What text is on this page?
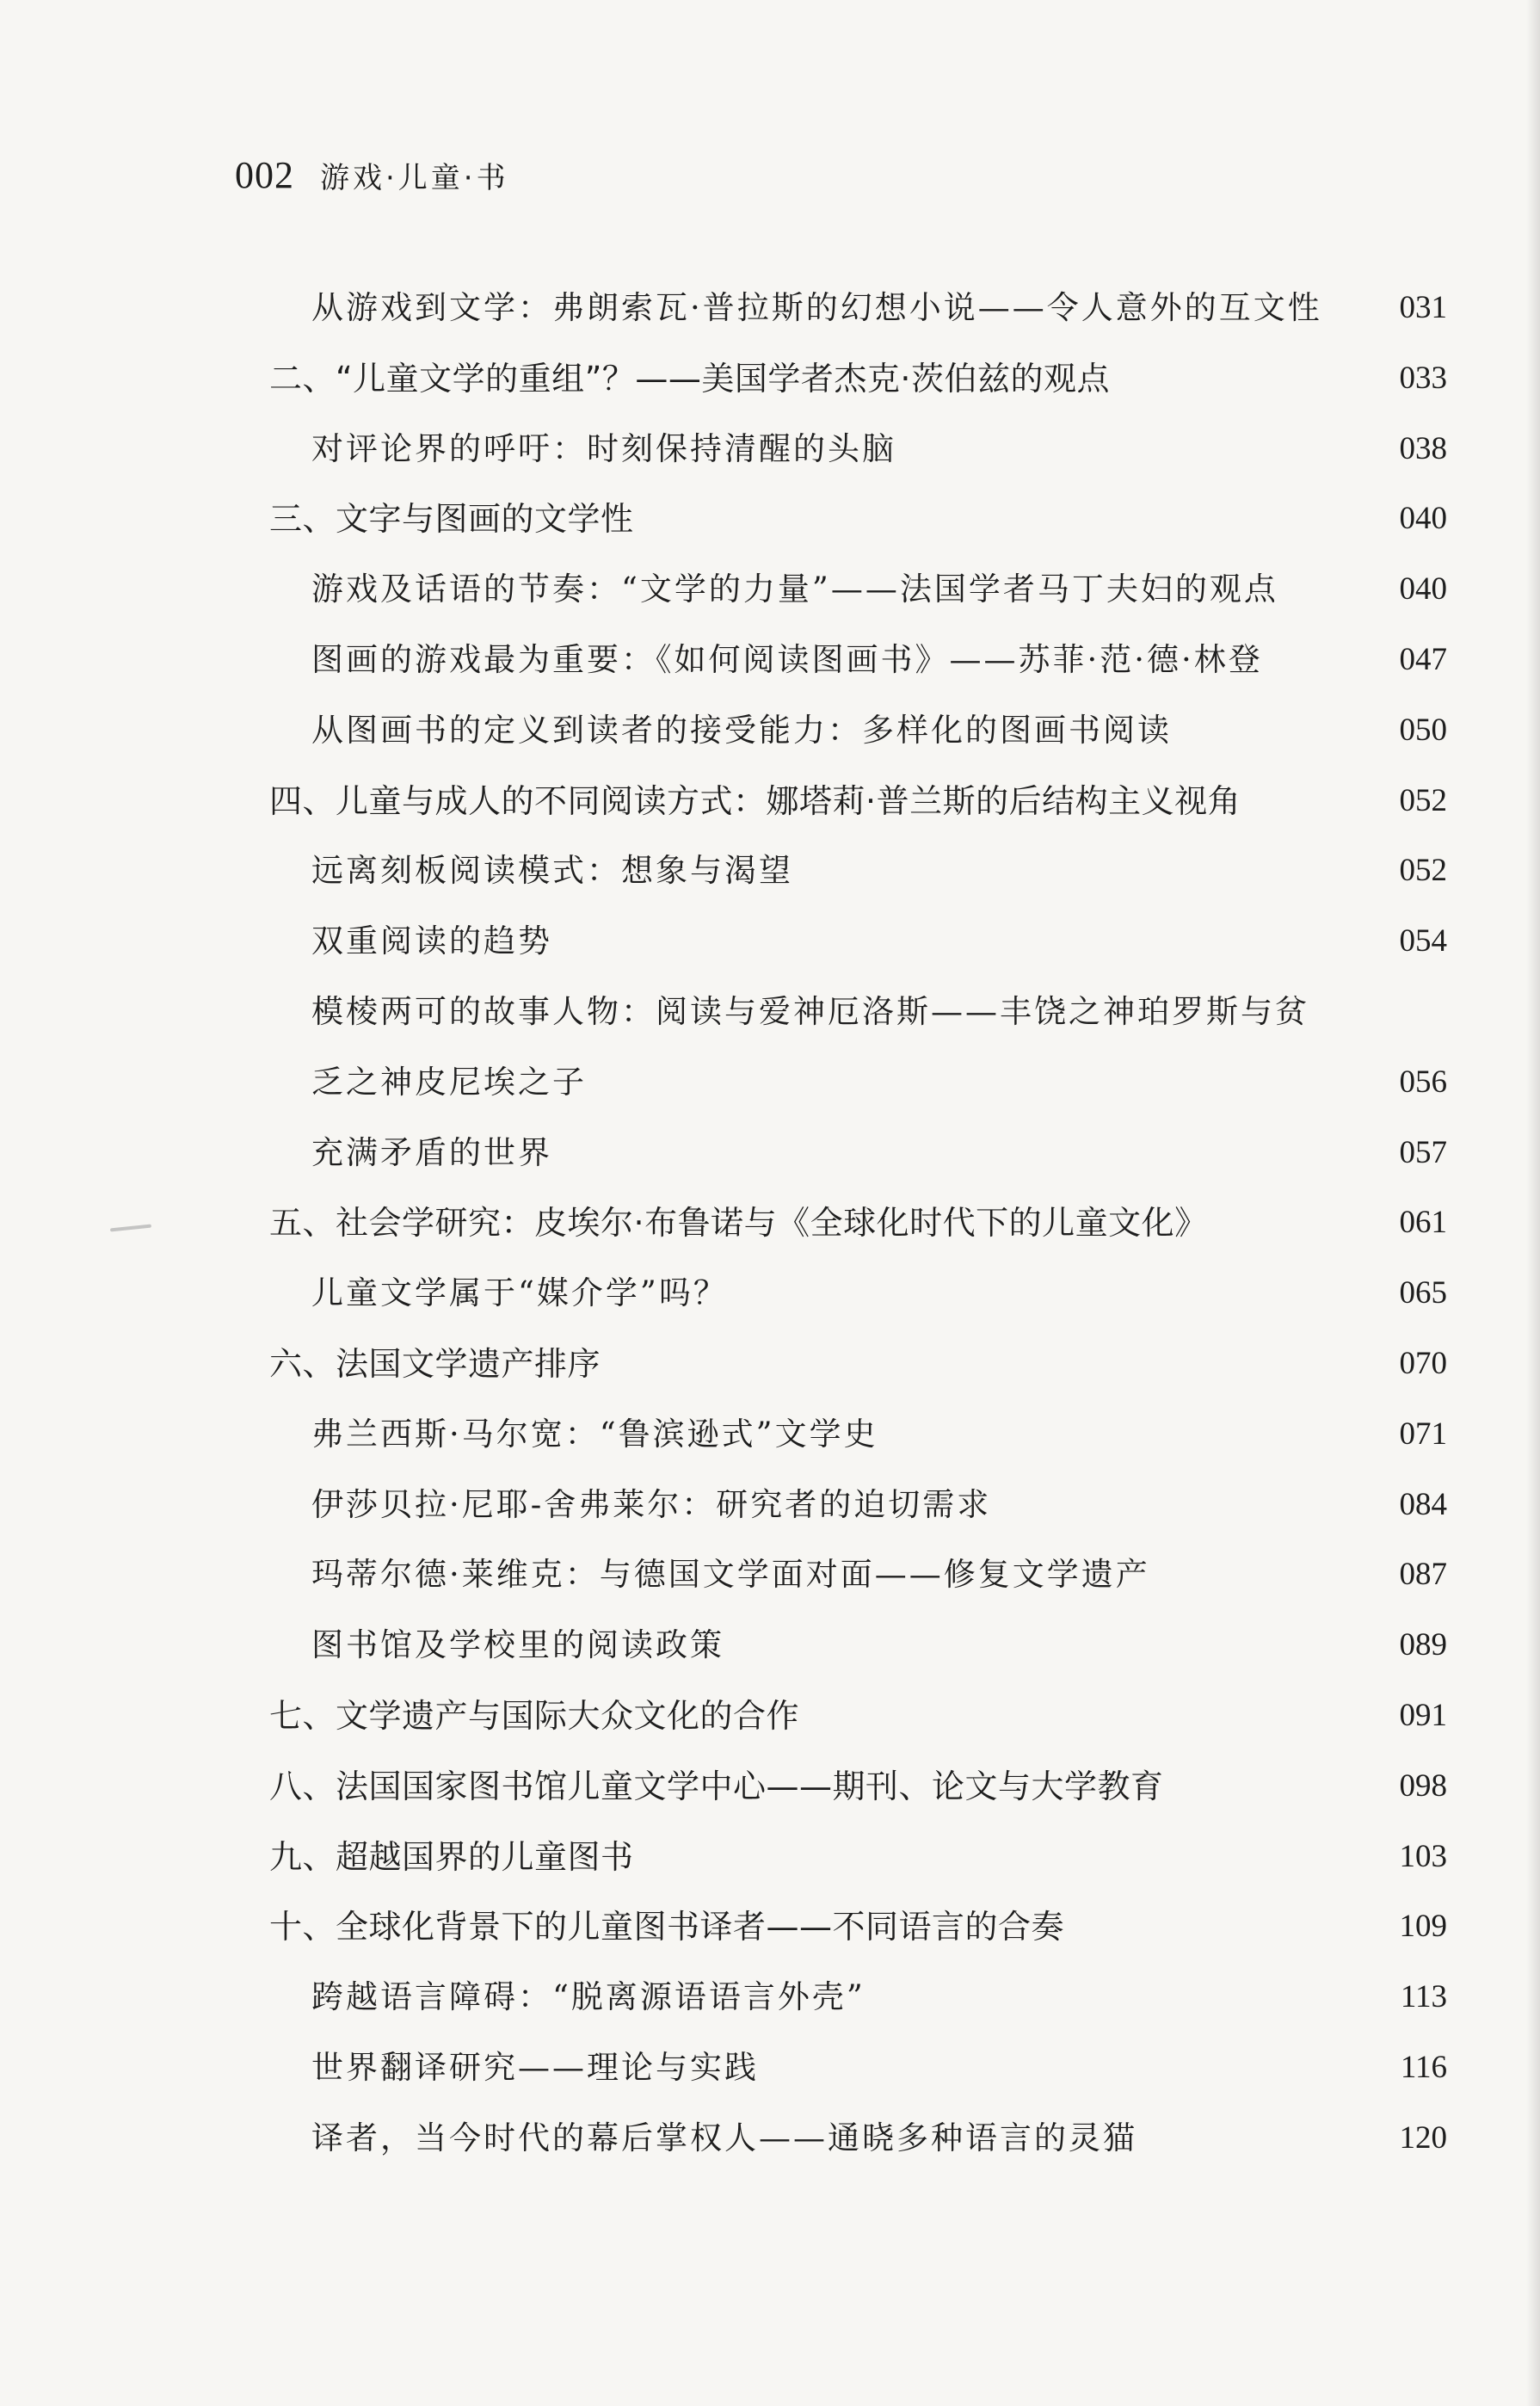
002 游戏·儿童·书
从游戏到文学：弗朗索瓦·普拉斯的幻想小说——令人意外的互文性 031
二、“儿童文学的重组”？——美国学者杰克·茨伯兹的观点	033
对评论界的呼吁：时刻保持清醒的头脑	038
三、文字与图画的文学性	040
游戏及话语的节奏：“文学的力量”——法国学者马丁夫妇的观点	040
图画的游戏最为重要：《如何阅读图画书》——苏菲·范·德·林登	047
从图画书的定义到读者的接受能力：多样化的图画书阅读	050
四、儿童与成人的不同阅读方式：娜塔莉·普兰斯的后结构主义视角	052
远离刻板阅读模式：想象与渴望	052
双重阅读的趋势	054
模棱两可的故事人物：阅读与爱神厄洛斯——丰饶之神珀罗斯与贫
乏之神皮尼埃之子	056
充满矛盾的世界	057
五、社会学研究：皮埃尔·布鲁诺与《全球化时代下的儿童文化》	061
儿童文学属于“媒介学”吗？	065
六、法国文学遗产排序	070
弗兰西斯·马尔宽：“鲁滨逊式”文学史	071
伊莎贝拉·尼耶-舍弗莱尔：研究者的迫切需求	084
玛蒂尔德·莱维克：与德国文学面对面——修复文学遗产	087
图书馆及学校里的阅读政策	089
七、文学遗产与国际大众文化的合作	091
八、法国国家图书馆儿童文学中心——期刊、论文与大学教育	098
九、超越国界的儿童图书	103
十、全球化背景下的儿童图书译者——不同语言的合奏	109
跨越语言障碍：“脱离源语语言外壳”	113
世界翻译研究——理论与实践	116
译者，当今时代的幕后掌权人——通晓多种语言的灵猫	120
